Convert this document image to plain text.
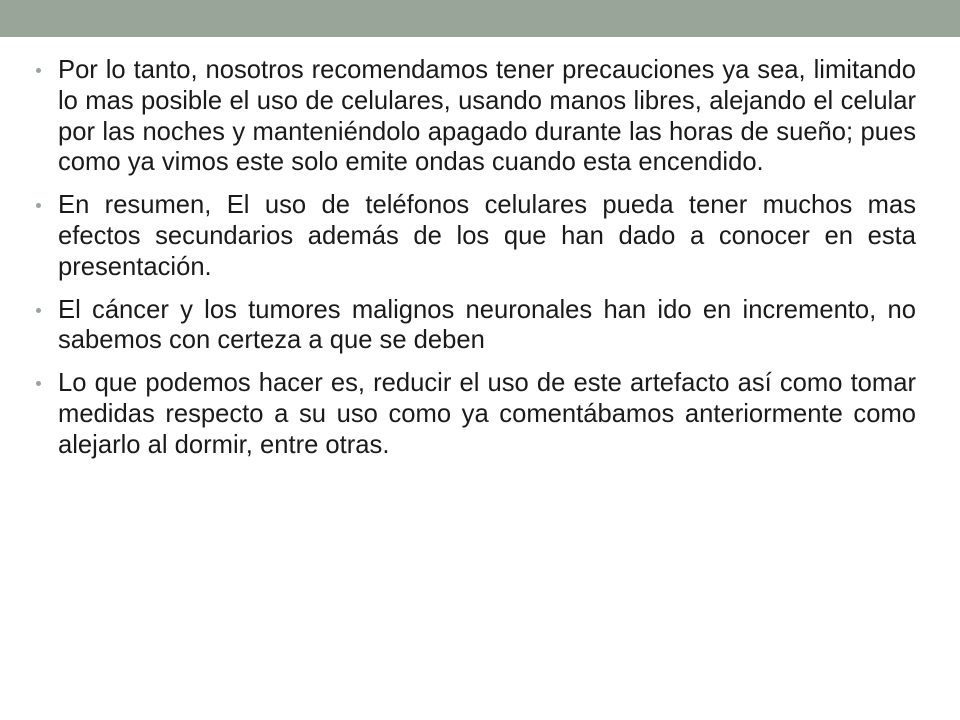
Por lo tanto, nosotros recomendamos tener precauciones ya sea, limitando lo mas posible el uso de celulares, usando manos libres, alejando el celular por las noches y manteniéndolo apagado durante las horas de sueño; pues como ya vimos este solo emite ondas cuando esta encendido.
En resumen, El uso de teléfonos celulares pueda tener muchos mas efectos secundarios además de los que han dado a conocer en esta presentación.
El cáncer y los tumores malignos neuronales han ido en incremento, no sabemos con certeza a que se deben
Lo que podemos hacer es, reducir el uso de este artefacto así como tomar medidas respecto a su uso como ya comentábamos anteriormente como alejarlo al dormir, entre otras.
